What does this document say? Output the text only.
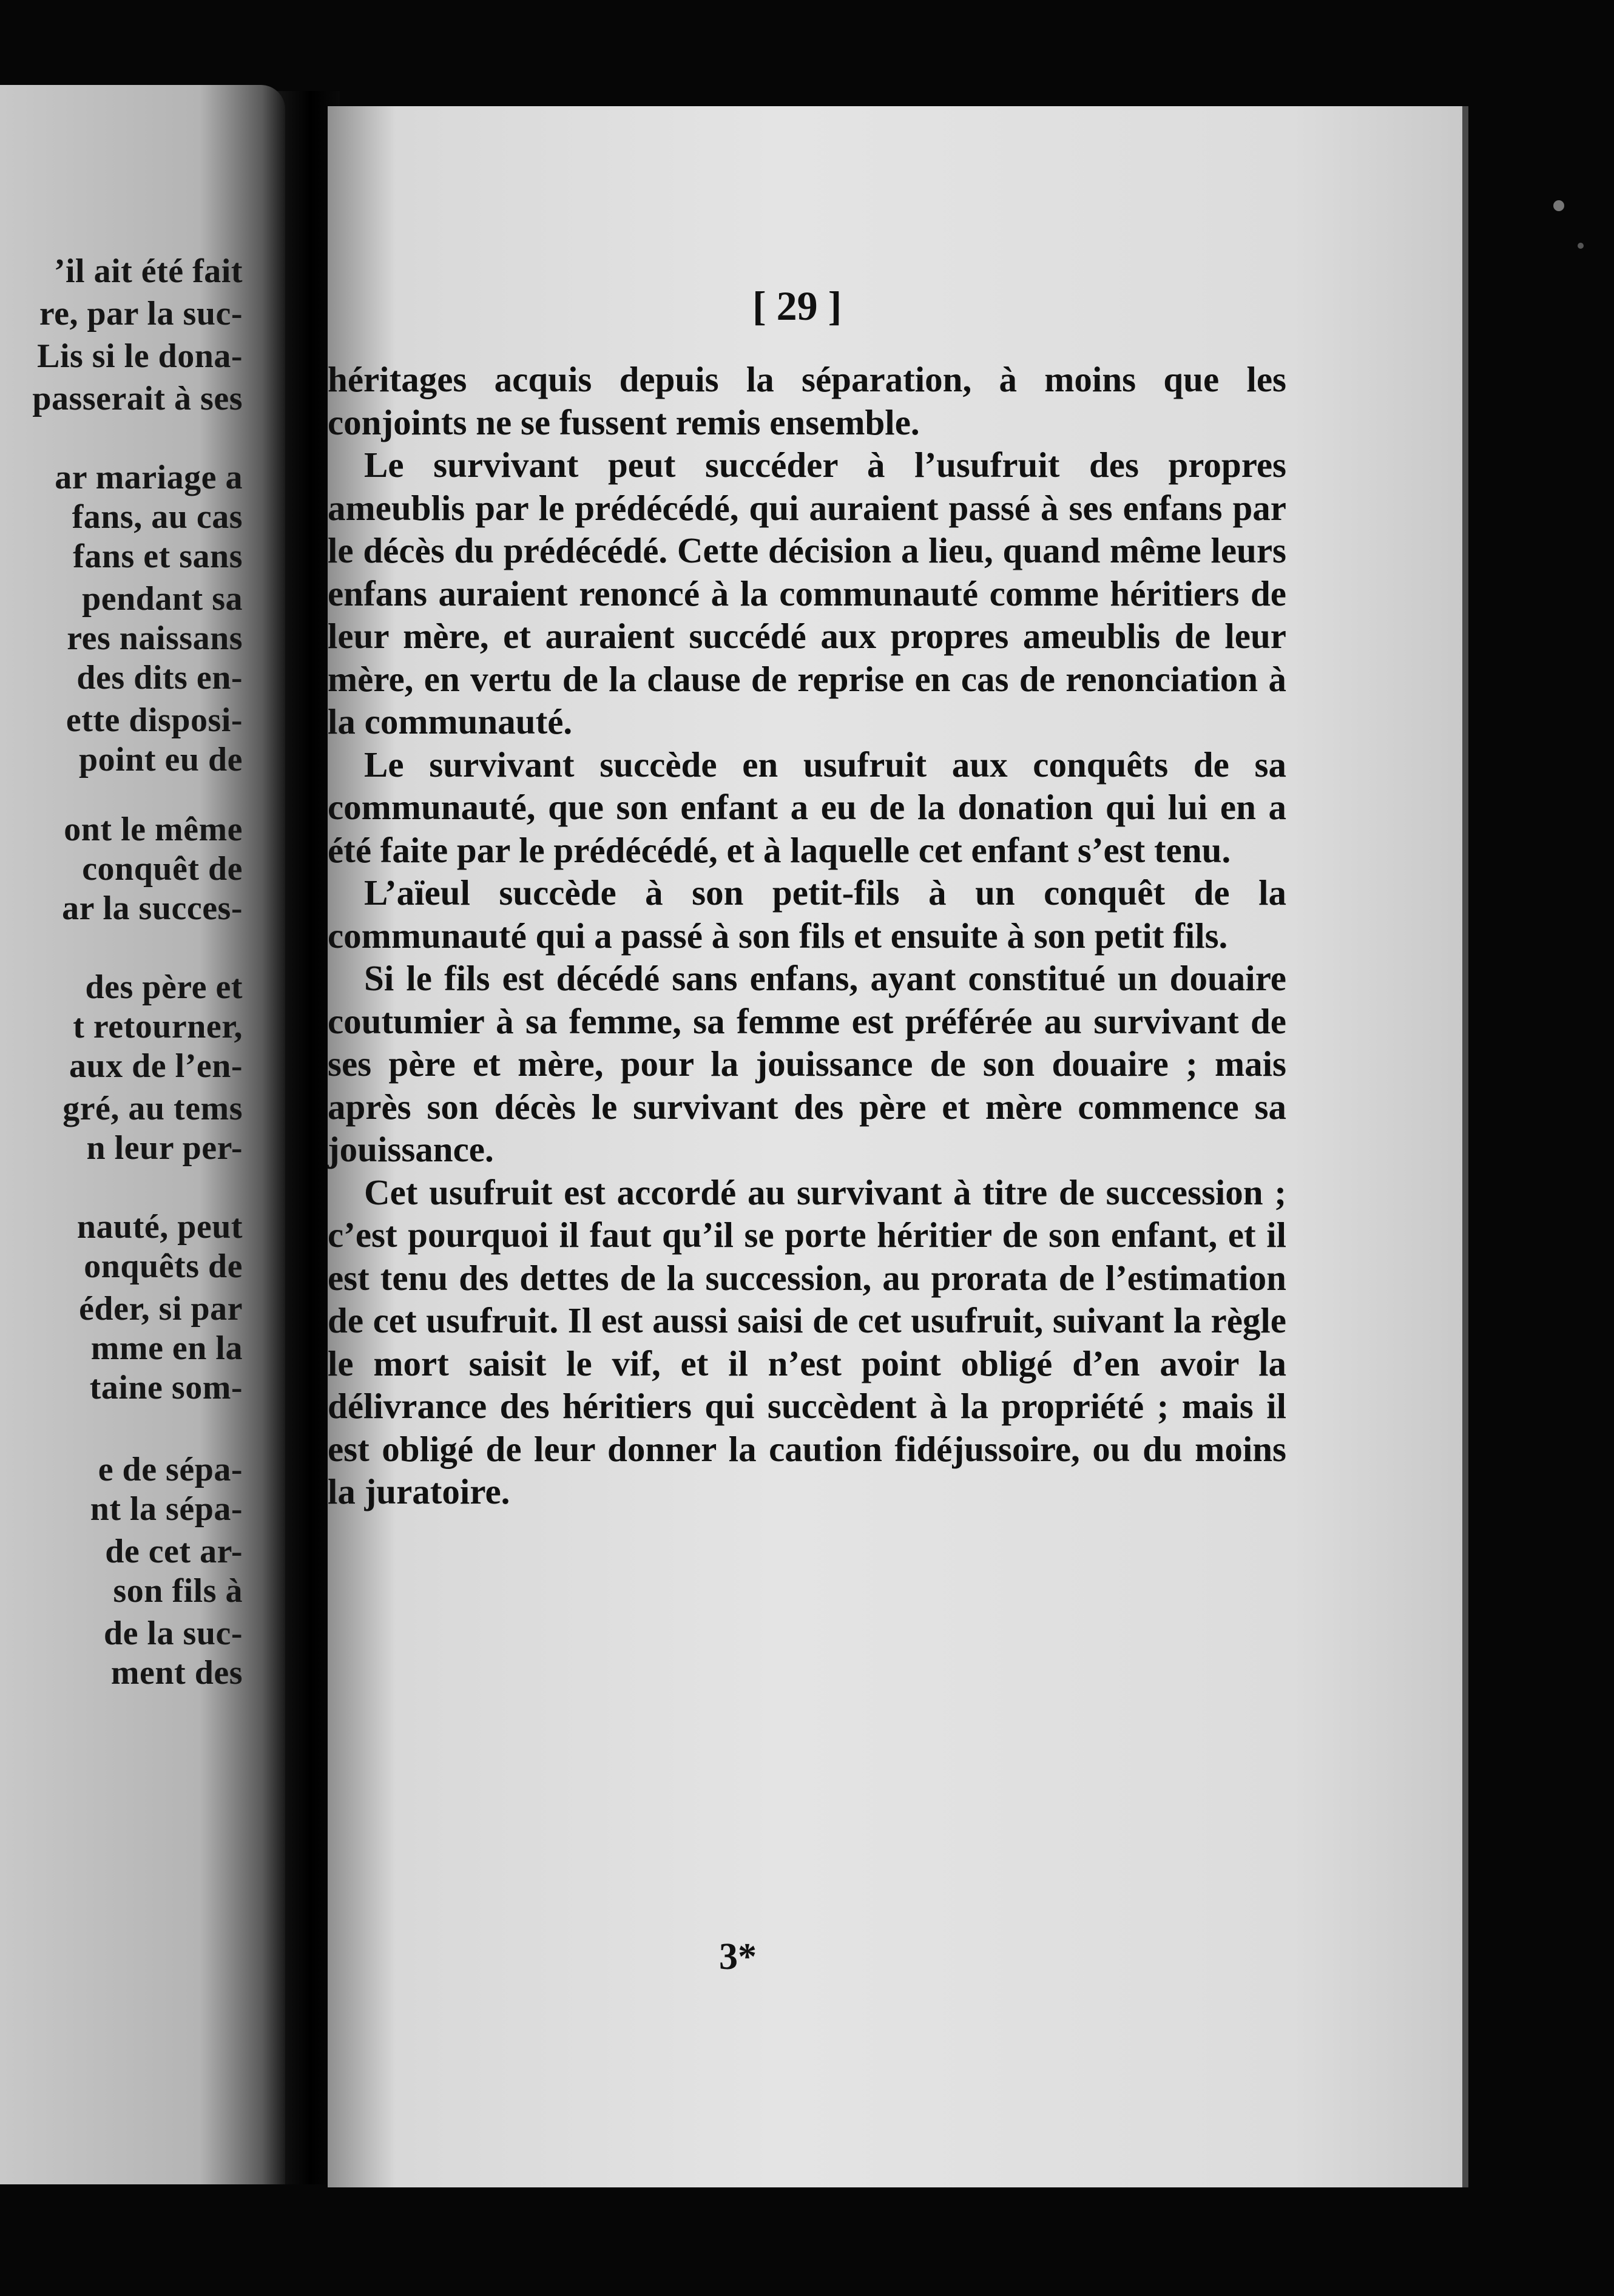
’il ait été fait
re, par la suc-
Lis si le dona-
passerait à ses
ar mariage a
fans, au cas
fans et sans
pendant sa
res naissans
des dits en-
ette disposi-
point eu de
ont le même
conquêt de
ar la succes-
des père et
t retourner,
aux de l’en-
gré, au tems
n leur per-
nauté, peut
onquêts de
éder, si par
mme en la
taine som-
e de sépa-
nt la sépa-
de cet ar-
son fils à
de la suc-
ment des
[ 29 ]

héritages acquis depuis la séparation, à moins que les conjoints ne se fussent remis ensemble.

Le survivant peut succéder à l’usufruit des propres ameublis par le prédécédé, qui auraient passé à ses enfans par le décès du prédécédé. Cette décision a lieu, quand même leurs enfans auraient renoncé à la communauté comme héritiers de leur mère, et auraient succédé aux propres ameublis de leur mère, en vertu de la clause de reprise en cas de renonciation à la communauté.

Le survivant succède en usufruit aux conquêts de sa communauté, que son enfant a eu de la donation qui lui en a été faite par le prédécédé, et à laquelle cet enfant s’est tenu.

L’aïeul succède à son petit-fils à un conquêt de la communauté qui a passé à son fils et ensuite à son petit fils.

Si le fils est décédé sans enfans, ayant constitué un douaire coutumier à sa femme, sa femme est préférée au survivant de ses père et mère, pour la jouissance de son douaire ; mais après son décès le survivant des père et mère commence sa jouissance.

Cet usufruit est accordé au survivant à titre de succession ; c’est pourquoi il faut qu’il se porte héritier de son enfant, et il est tenu des dettes de la succession, au prorata de l’estimation de cet usufruit. Il est aussi saisi de cet usufruit, suivant la règle le mort saisit le vif, et il n’est point obligé d’en avoir la délivrance des héritiers qui succèdent à la propriété ; mais il est obligé de leur donner la caution fidéjussoire, ou du moins la juratoire.

3*
